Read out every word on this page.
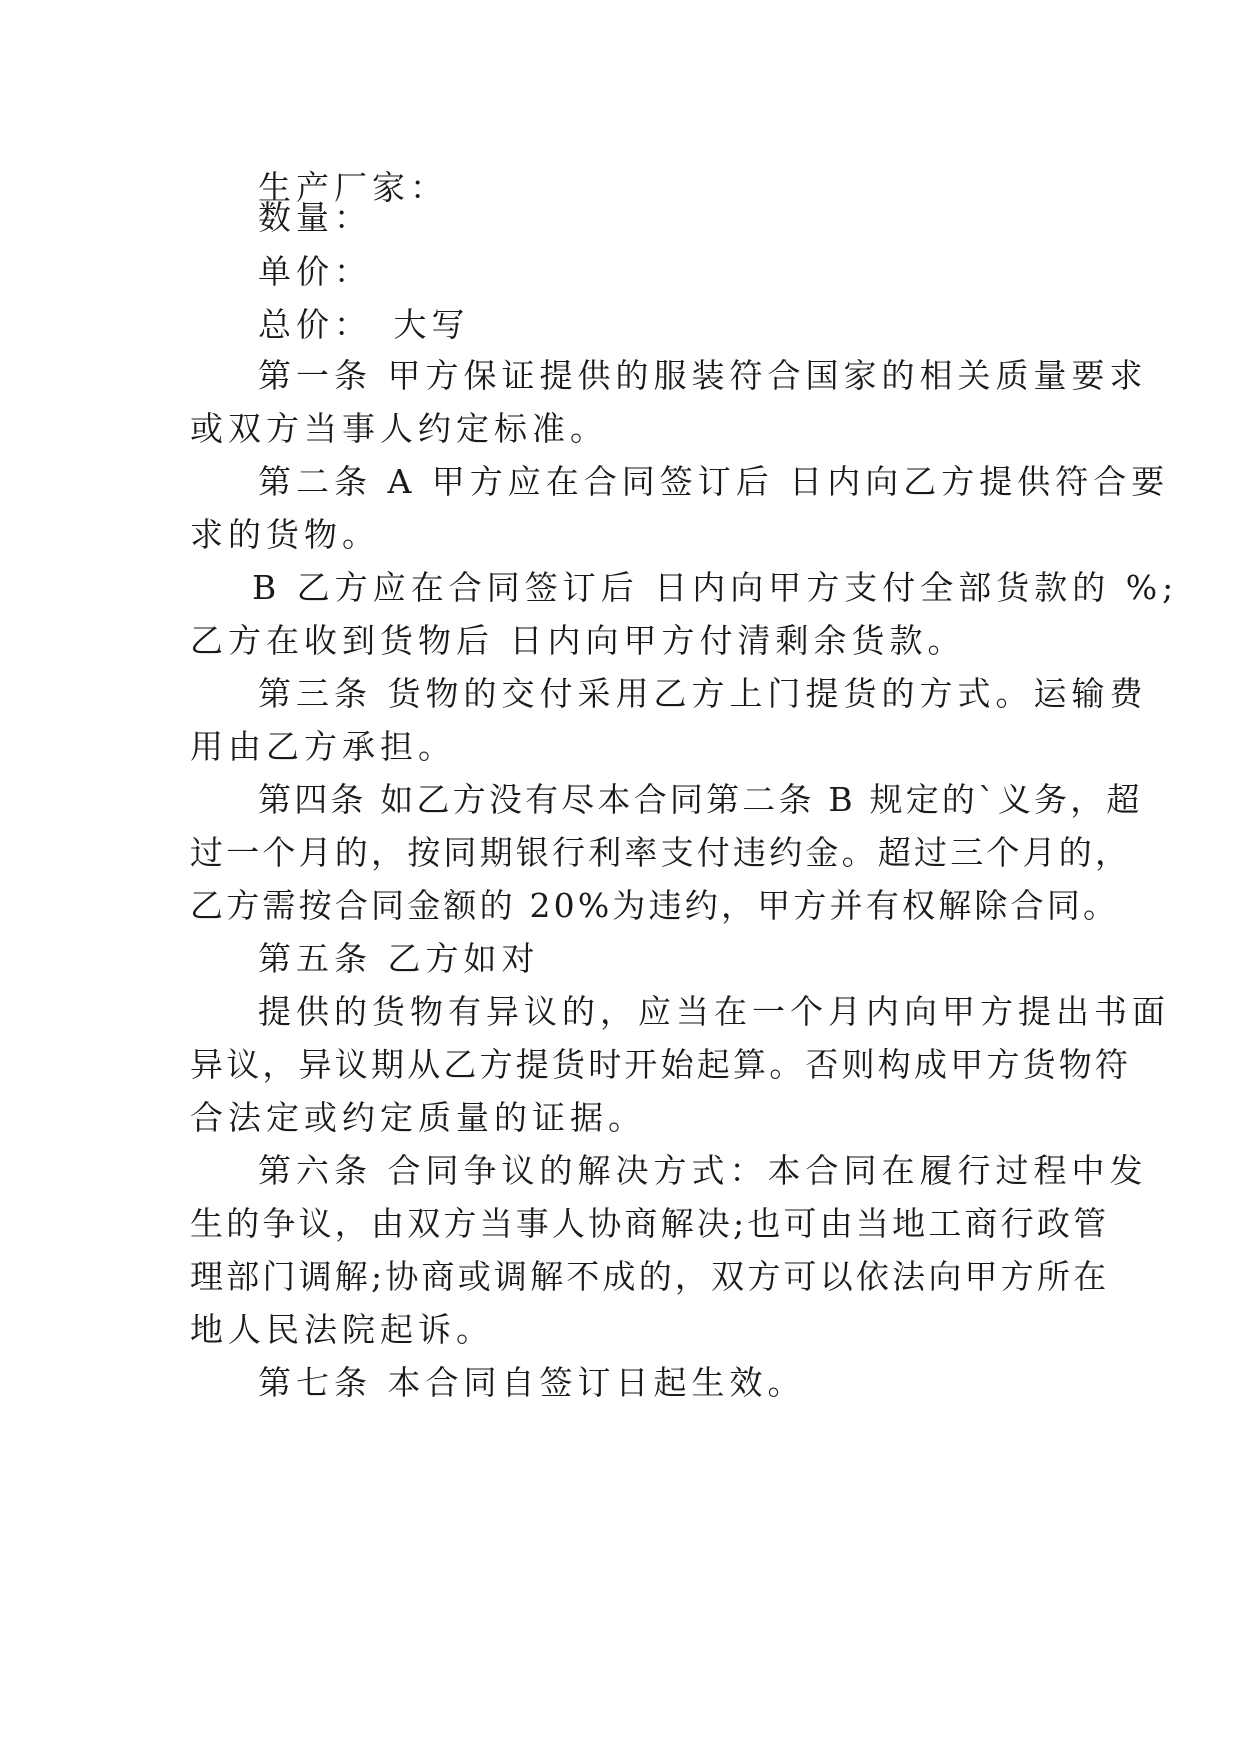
生产厂家：

数量：

单价：

总价：　大写

第一条 甲方保证提供的服装符合国家的相关质量要求

或双方当事人约定标准。

第二条 A 甲方应在合同签订后 日内向乙方提供符合要

求的货物。

B 乙方应在合同签订后 日内向甲方支付全部货款的 %;

乙方在收到货物后 日内向甲方付清剩余货款。

第三条 货物的交付采用乙方上门提货的方式。运输费

用由乙方承担。

第四条 如乙方没有尽本合同第二条 B 规定的`义务，超

过一个月的，按同期银行利率支付违约金。超过三个月的，

乙方需按合同金额的 20%为违约，甲方并有权解除合同。

第五条 乙方如对

提供的货物有异议的，应当在一个月内向甲方提出书面

异议，异议期从乙方提货时开始起算。否则构成甲方货物符

合法定或约定质量的证据。

第六条 合同争议的解决方式：本合同在履行过程中发

生的争议，由双方当事人协商解决;也可由当地工商行政管

理部门调解;协商或调解不成的，双方可以依法向甲方所在

地人民法院起诉。

第七条 本合同自签订日起生效。
